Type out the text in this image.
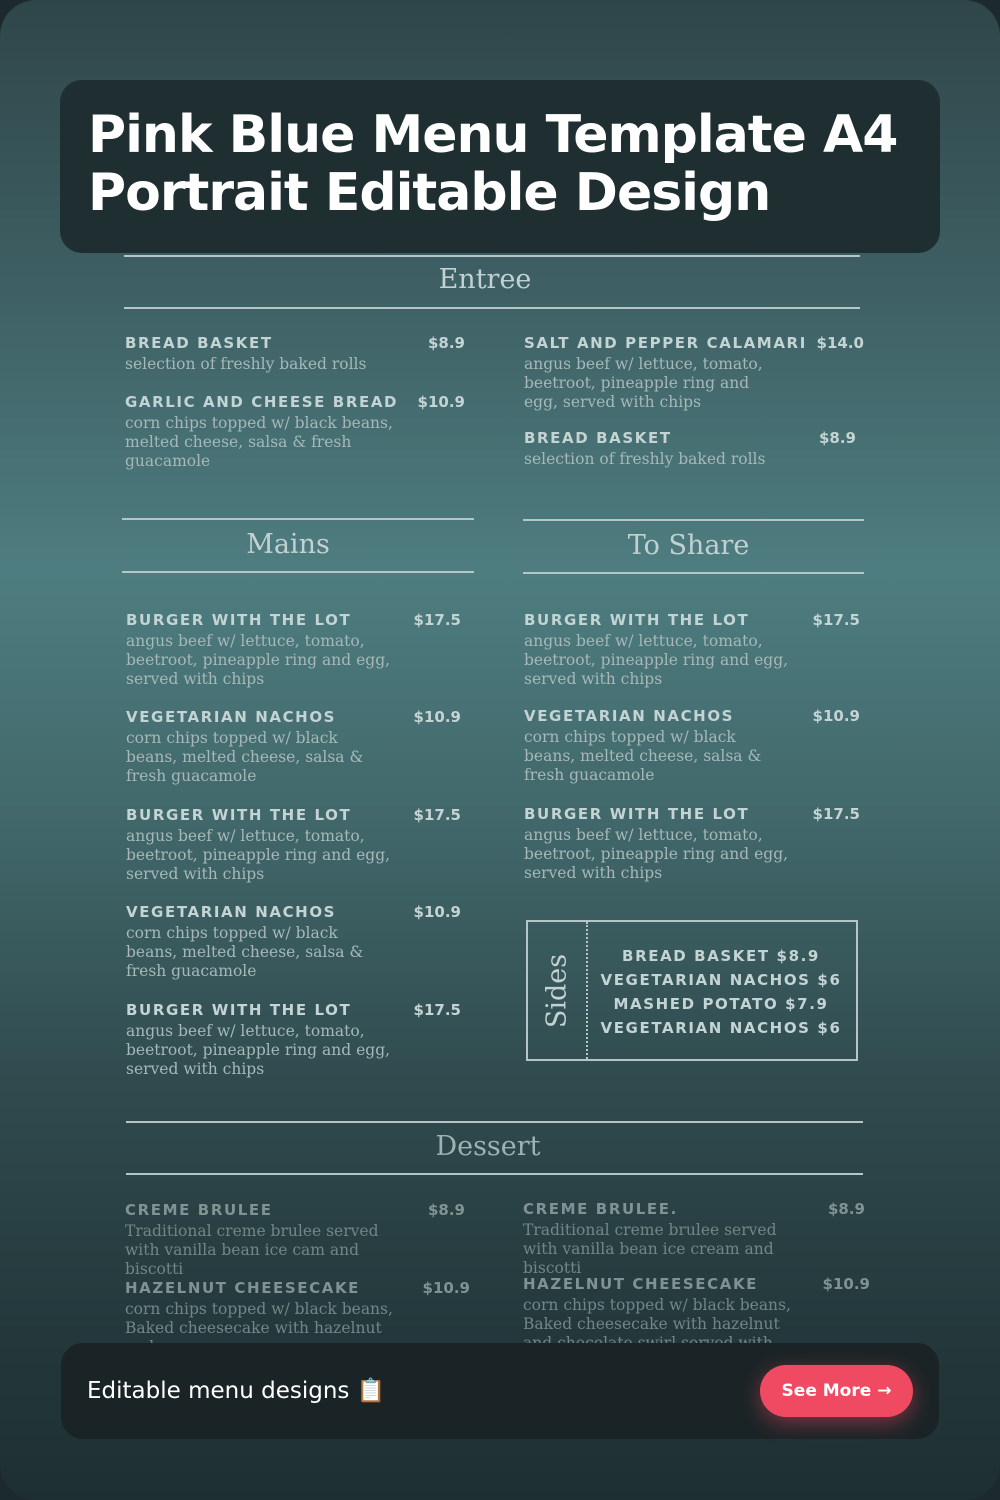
Entree
BREAD BASKET	$8.9
selection of freshly baked rolls
GARLIC AND CHEESE BREAD	$10.9
corn chips topped w/ black beans, melted cheese, salsa & fresh guacamole
SALT AND PEPPER CALAMARI $14.0
angus beef w/ lettuce, tomato, beetroot, pineapple ring and egg, served with chips
BREAD BASKET	$8.9
selection of freshly baked rolls
Mains
BURGER WITH THE LOT	$17.5
angus beef w/ lettuce, tomato, beetroot, pineapple ring and egg, served with chips
VEGETARIAN NACHOS	$10.9
corn chips topped w/ black beans, melted cheese, salsa & fresh guacamole
BURGER WITH THE LOT	$17.5
angus beef w/ lettuce, tomato, beetroot, pineapple ring and egg, served with chips
VEGETARIAN NACHOS	$10.9
corn chips topped w/ black beans, melted cheese, salsa & fresh guacamole
BURGER WITH THE LOT	$17.5
angus beef w/ lettuce, tomato, beetroot, pineapple ring and egg, served with chips
To Share
BURGER WITH THE LOT	$17.5
angus beef w/ lettuce, tomato, beetroot, pineapple ring and egg, served with chips
VEGETARIAN NACHOS	$10.9
corn chips topped w/ black beans, melted cheese, salsa & fresh guacamole
BURGER WITH THE LOT	$17.5
angus beef w/ lettuce, tomato, beetroot, pineapple ring and egg, served with chips
Sides	BREAD BASKET $8.9
VEGETARIAN NACHOS $6
MASHED POTATO $7.9
VEGETARIAN NACHOS $6
Dessert
CREME BRULEE	$8.9
Traditional creme brulee served with vanilla bean ice cam and biscotti
HAZELNUT CHEESECAKE	$10.9
corn chips topped w/ black beans, Baked cheesecake with hazelnut
CREME BRULEE.	$8.9
Traditional creme brulee served with vanilla bean ice cream and biscotti
HAZELNUT CHEESECAKE	$10.9
corn chips topped w/ black beans, Baked cheesecake with hazelnut
Pink Blue Menu Template A4 Portrait Editable Design
Editable menu designs 📋	See More →
